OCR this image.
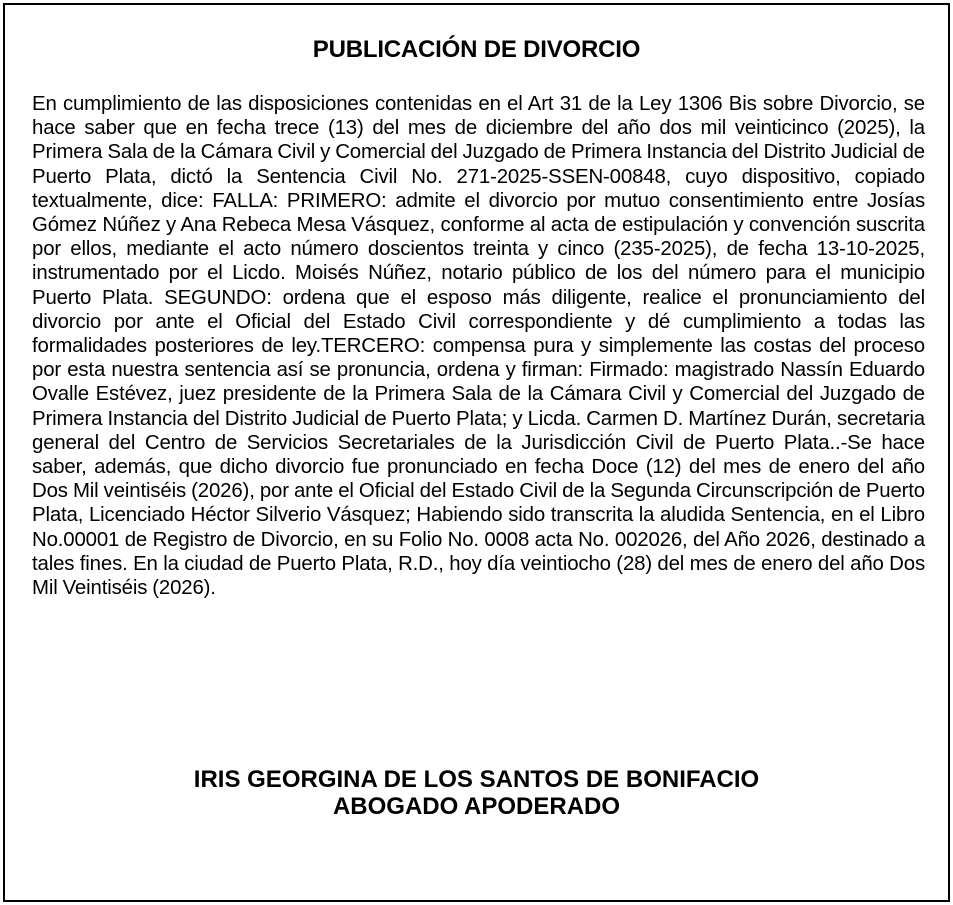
PUBLICACIÓN DE DIVORCIO

En cumplimiento de las disposiciones contenidas en el Art 31 de la Ley 1306 Bis sobre Divorcio, se hace saber que en fecha trece (13) del mes de diciembre del año dos mil veinticinco (2025), la Primera Sala de la Cámara Civil y Comercial del Juzgado de Primera Instancia del Distrito Judicial de Puerto Plata, dictó la Sentencia Civil No. 271-2025-SSEN-00848, cuyo dispositivo, copiado textualmente, dice: FALLA: PRIMERO: admite el divorcio por mutuo consentimiento entre Josías Gómez Núñez y Ana Rebeca Mesa Vásquez, conforme al acta de estipulación y convención suscrita por ellos, mediante el acto número doscientos treinta y cinco (235-2025), de fecha 13-10-2025, instrumentado por el Licdo. Moisés Núñez, notario público de los del número para el municipio Puerto Plata. SEGUNDO: ordena que el esposo más diligente, realice el pronunciamiento del divorcio por ante el Oficial del Estado Civil correspondiente y dé cumplimiento a todas las formalidades posteriores de ley.TERCERO: compensa pura y simplemente las costas del proceso por esta nuestra sentencia así se pronuncia, ordena y firman: Firmado: magistrado Nassín Eduardo Ovalle Estévez, juez presidente de la Primera Sala de la Cámara Civil y Comercial del Juzgado de Primera Instancia del Distrito Judicial de Puerto Plata; y Licda. Carmen D. Martínez Durán, secretaria general del Centro de Servicios Secretariales de la Jurisdicción Civil de Puerto Plata..-Se hace saber, además, que dicho divorcio fue pronunciado en fecha Doce (12) del mes de enero del año Dos Mil veintiséis (2026), por ante el Oficial del Estado Civil de la Segunda Circunscripción de Puerto Plata, Licenciado Héctor Silverio Vásquez; Habiendo sido transcrita la aludida Sentencia, en el Libro No.00001 de Registro de Divorcio, en su Folio No. 0008 acta No. 002026, del Año 2026, destinado a tales fines. En la ciudad de Puerto Plata, R.D., hoy día veintiocho (28) del mes de enero del año Dos Mil Veintiséis (2026).

IRIS GEORGINA DE LOS SANTOS DE BONIFACIO
ABOGADO APODERADO
